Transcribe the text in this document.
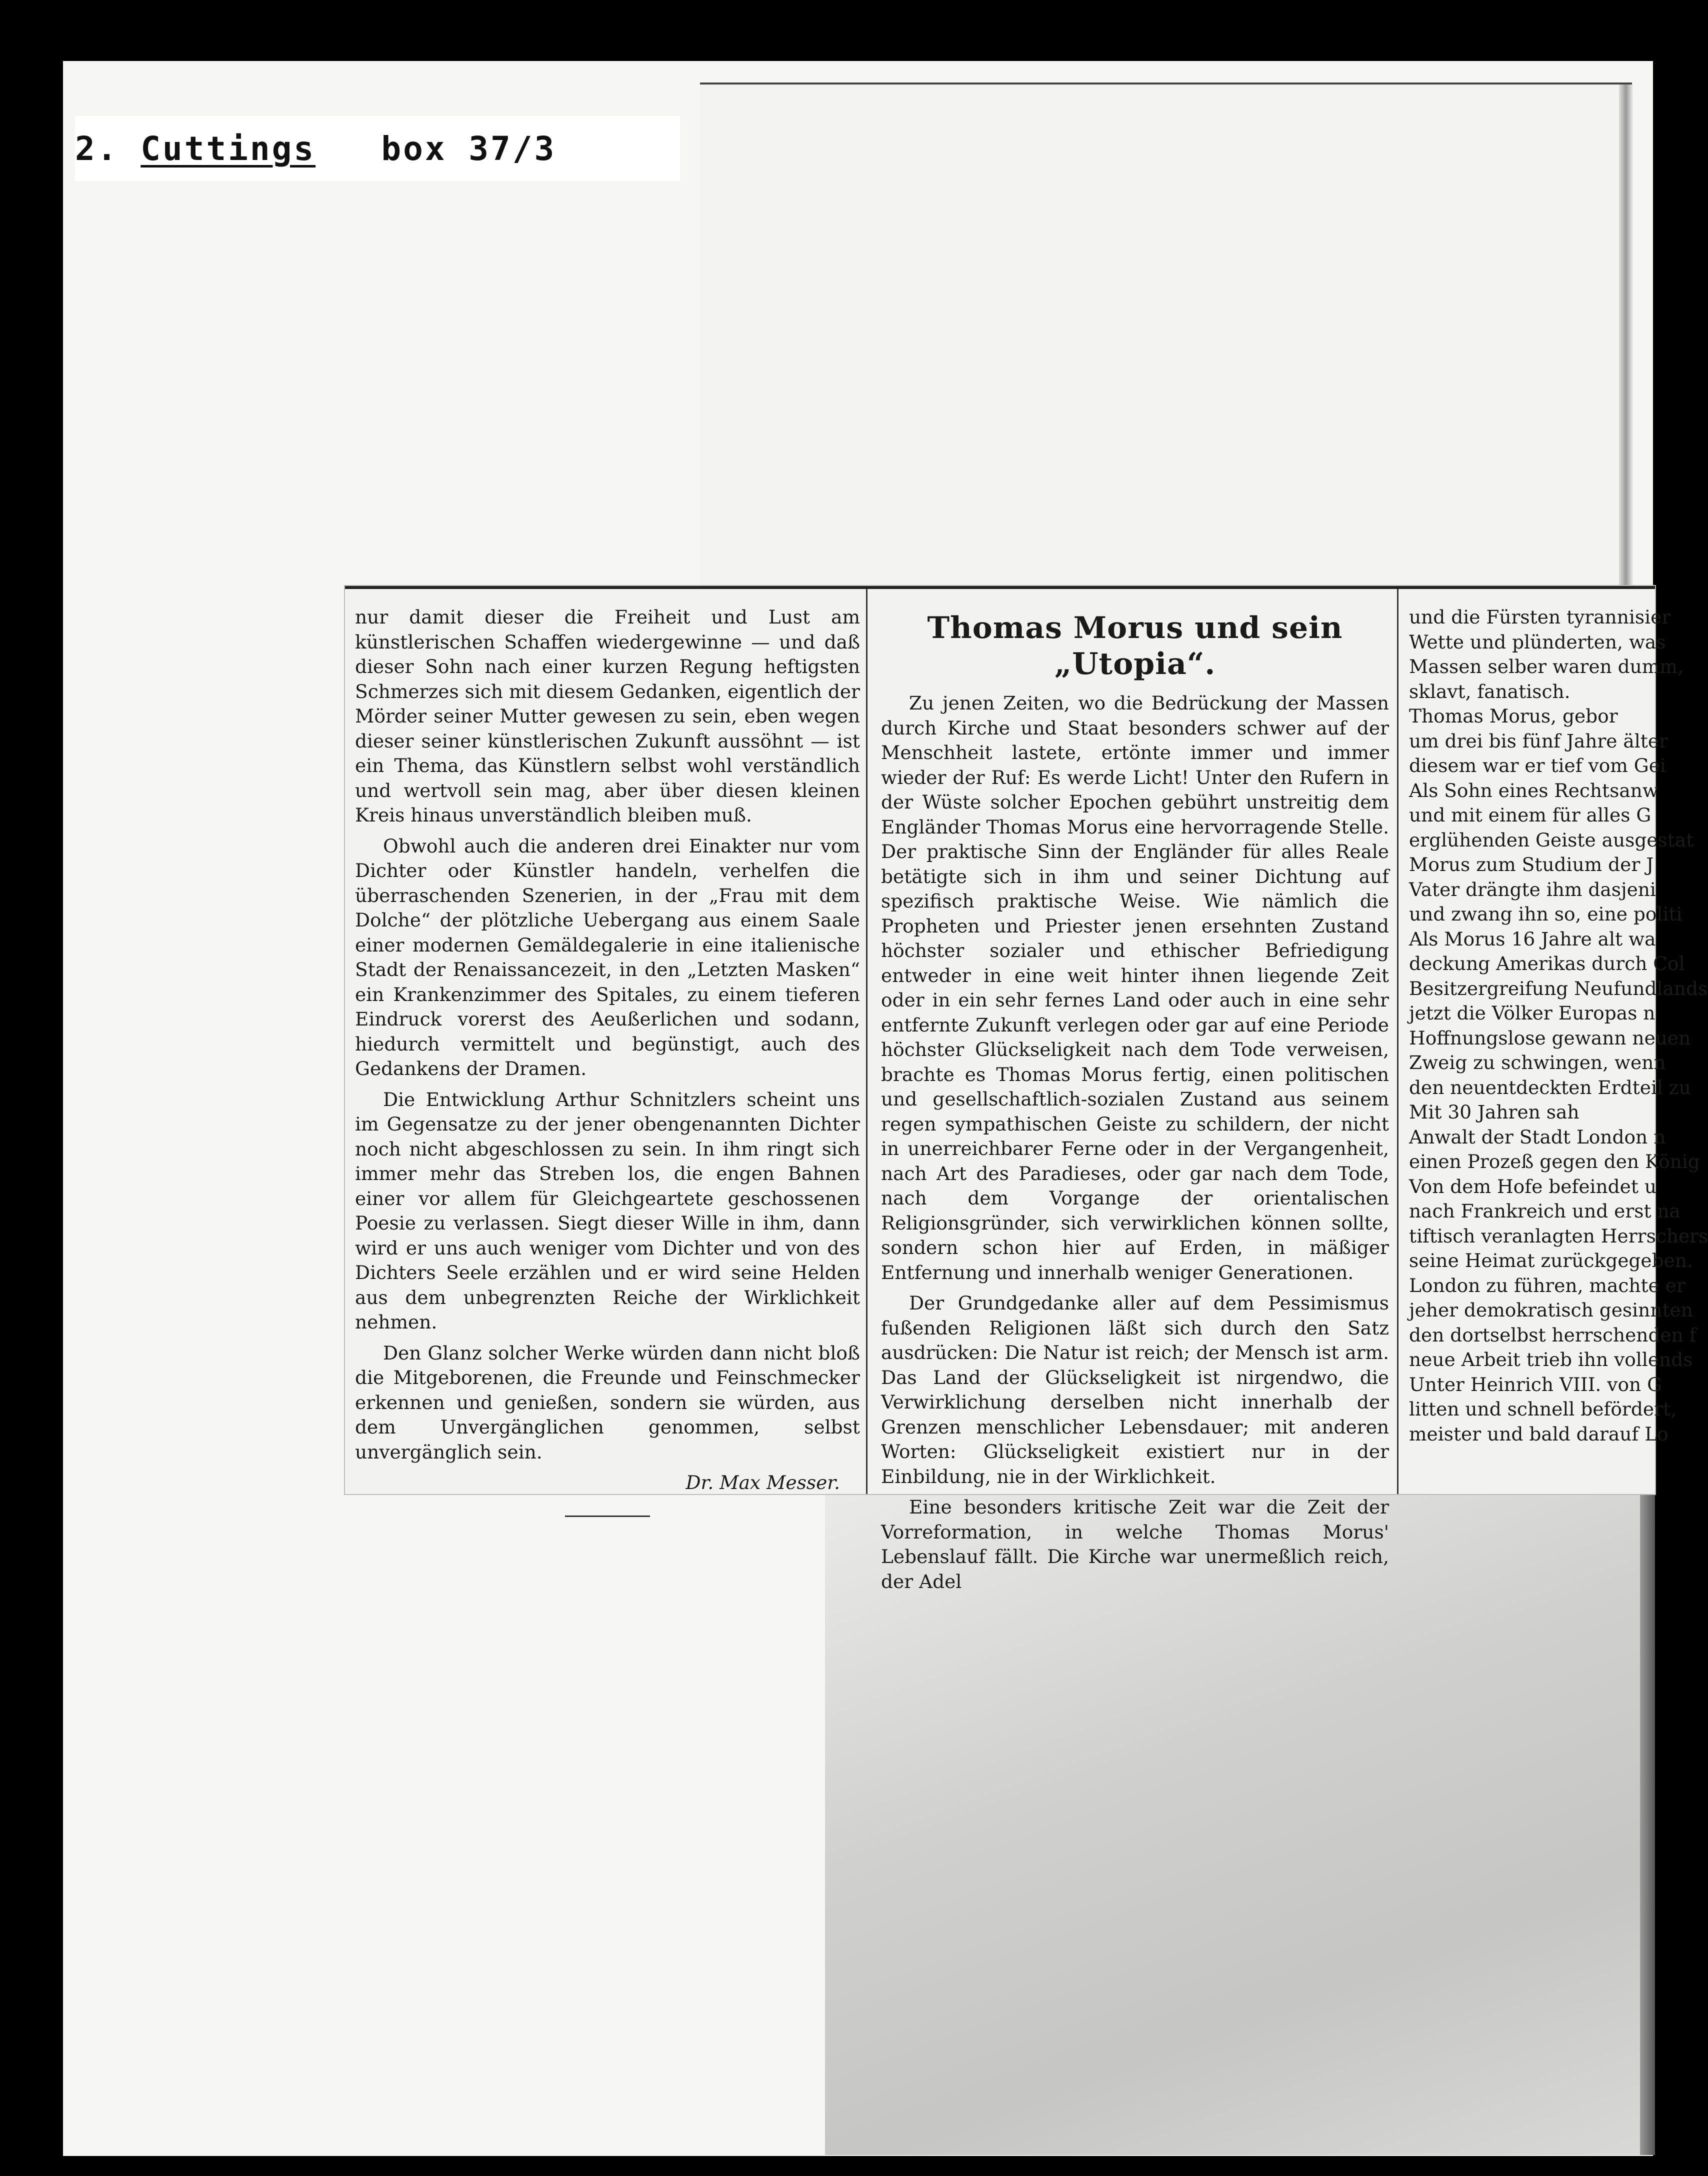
2.
Cuttings
box 37/3

nur damit dieser die Freiheit und Lust am künstlerischen Schaffen wiedergewinne — und daß dieser Sohn nach einer kurzen Regung heftigsten Schmerzes sich mit diesem Gedanken, eigentlich der Mörder seiner Mutter gewesen zu sein, eben wegen dieser seiner künstlerischen Zukunft aussöhnt — ist ein Thema, das Künstlern selbst wohl verständlich und wertvoll sein mag, aber über diesen kleinen Kreis hinaus unverständlich bleiben muß.

Obwohl auch die anderen drei Einakter nur vom Dichter oder Künstler handeln, verhelfen die überraschenden Szenerien, in der „Frau mit dem Dolche“ der plötzliche Uebergang aus einem Saale einer modernen Gemäldegalerie in eine italienische Stadt der Renaissancezeit, in den „Letzten Masken“ ein Krankenzimmer des Spitales, zu einem tieferen Eindruck vorerst des Aeußerlichen und sodann, hiedurch vermittelt und begünstigt, auch des Gedankens der Dramen.

Die Entwicklung Arthur Schnitzlers scheint uns im Gegensatze zu der jener obengenannten Dichter noch nicht abgeschlossen zu sein. In ihm ringt sich immer mehr das Streben los, die engen Bahnen einer vor allem für Gleichgeartete geschossenen Poesie zu verlassen. Siegt dieser Wille in ihm, dann wird er uns auch weniger vom Dichter und von des Dichters Seele erzählen und er wird seine Helden aus dem unbegrenzten Reiche der Wirklichkeit nehmen.

Den Glanz solcher Werke würden dann nicht bloß die Mitgeborenen, die Freunde und Feinschmecker erkennen und genießen, sondern sie würden, aus dem Unvergänglichen genommen, selbst unvergänglich sein.

Dr. Max Messer.
Thomas Morus und sein „Utopia“.

Zu jenen Zeiten, wo die Bedrückung der Massen durch Kirche und Staat besonders schwer auf der Menschheit lastete, ertönte immer und immer wieder der Ruf: Es werde Licht! Unter den Rufern in der Wüste solcher Epochen gebührt unstreitig dem Engländer Thomas Morus eine hervorragende Stelle. Der praktische Sinn der Engländer für alles Reale betätigte sich in ihm und seiner Dichtung auf spezifisch praktische Weise. Wie nämlich die Propheten und Priester jenen ersehnten Zustand höchster sozialer und ethischer Befriedigung entweder in eine weit hinter ihnen liegende Zeit oder in ein sehr fernes Land oder auch in eine sehr entfernte Zukunft verlegen oder gar auf eine Periode höchster Glückseligkeit nach dem Tode verweisen, brachte es Thomas Morus fertig, einen politischen und gesellschaftlich-sozialen Zustand aus seinem regen sympathischen Geiste zu schildern, der nicht in unerreichbarer Ferne oder in der Vergangenheit, nach Art des Paradieses, oder gar nach dem Tode, nach dem Vorgange der orientalischen Religionsgründer, sich verwirklichen können sollte, sondern schon hier auf Erden, in mäßiger Entfernung und innerhalb weniger Generationen.

Der Grundgedanke aller auf dem Pessimismus fußenden Religionen läßt sich durch den Satz ausdrücken: Die Natur ist reich; der Mensch ist arm. Das Land der Glückseligkeit ist nirgendwo, die Verwirklichung derselben nicht innerhalb der Grenzen menschlicher Lebensdauer; mit anderen Worten: Glückseligkeit existiert nur in der Einbildung, nie in der Wirklichkeit.

Eine besonders kritische Zeit war die Zeit der Vorreformation, in welche Thomas Morus' Lebenslauf fällt. Die Kirche war unermeßlich reich, der Adel

und die Fürsten tyrannisier
Wette und plünderten, was
Massen selber waren dumm,
sklavt, fanatisch.
Thomas Morus, gebor
um drei bis fünf Jahre älter
diesem war er tief vom Gei
Als Sohn eines Rechtsanw
und mit einem für alles G
erglühenden Geiste ausgestat
Morus zum Studium der J
Vater drängte ihm dasjeni
und zwang ihn so, eine politi
Als Morus 16 Jahre alt wa
deckung Amerikas durch Col
Besitzergreifung Neufundlands
jetzt die Völker Europas n
Hoffnungslose gewann neuen
Zweig zu schwingen, wenn
den neuentdeckten Erdteil zu
Mit 30 Jahren sah
Anwalt der Stadt London n
einen Prozeß gegen den König
Von dem Hofe befeindet u
nach Frankreich und erst na
tiftisch veranlagten Herrschers
seine Heimat zurückgegeben.
London zu führen, machte er
jeher demokratisch gesinnten
den dortselbst herrschenden f
neue Arbeit trieb ihn vollends
Unter Heinrich VIII. von G
litten und schnell befördert,
meister und bald darauf Lo
